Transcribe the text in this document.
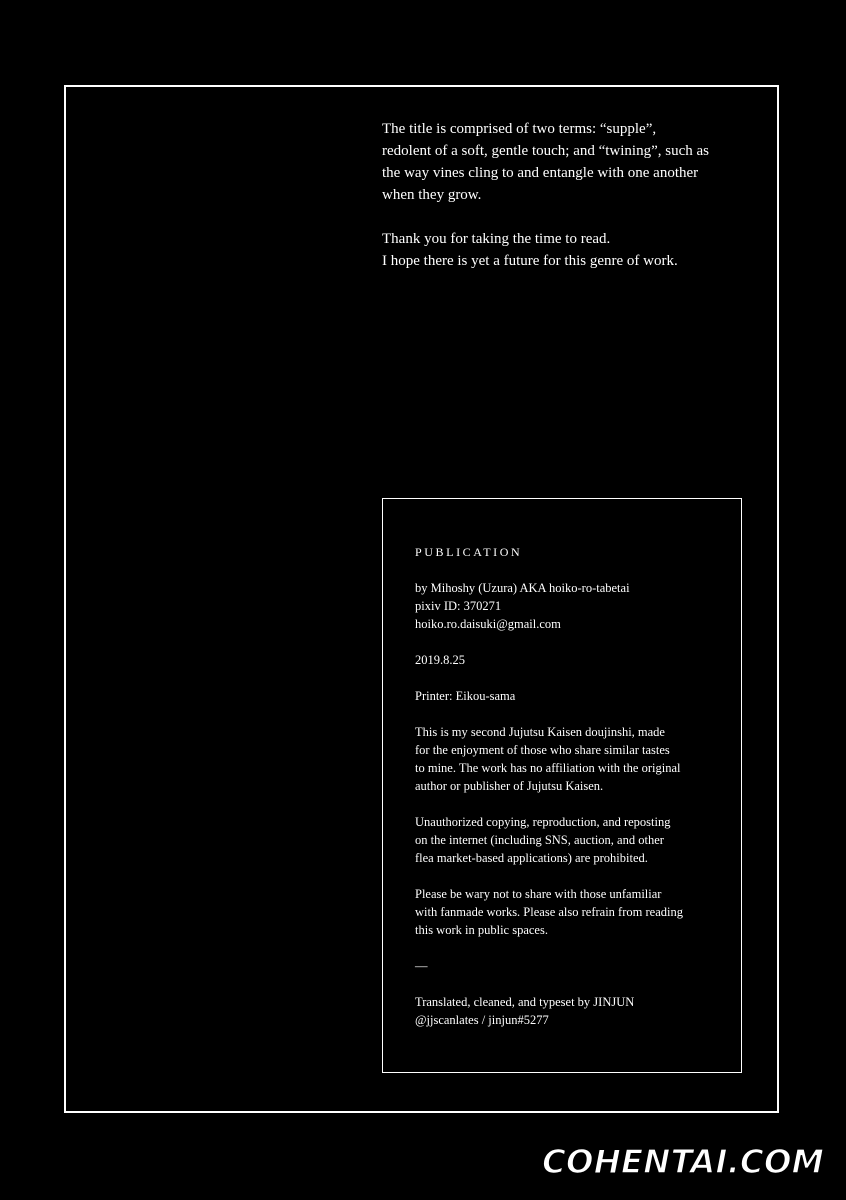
The title is comprised of two terms: “supple”,
redolent of a soft, gentle touch; and “twining”, such as
the way vines cling to and entangle with one another
when they grow.

Thank you for taking the time to read.
I hope there is yet a future for this genre of work.

PUBLICATION

by Mihoshy (Uzura) AKA hoiko-ro-tabetai
pixiv ID: 370271
hoiko.ro.daisuki@gmail.com

2019.8.25

Printer: Eikou-sama

This is my second Jujutsu Kaisen doujinshi, made
for the enjoyment of those who share similar tastes
to mine. The work has no affiliation with the original
author or publisher of Jujutsu Kaisen.

Unauthorized copying, reproduction, and reposting
on the internet (including SNS, auction, and other
flea market-based applications) are prohibited.

Please be wary not to share with those unfamiliar
with fanmade works. Please also refrain from reading
this work in public spaces.

—

Translated, cleaned, and typeset by JINJUN
@jjscanlates / jinjun#5277

COHENTAI.COM
